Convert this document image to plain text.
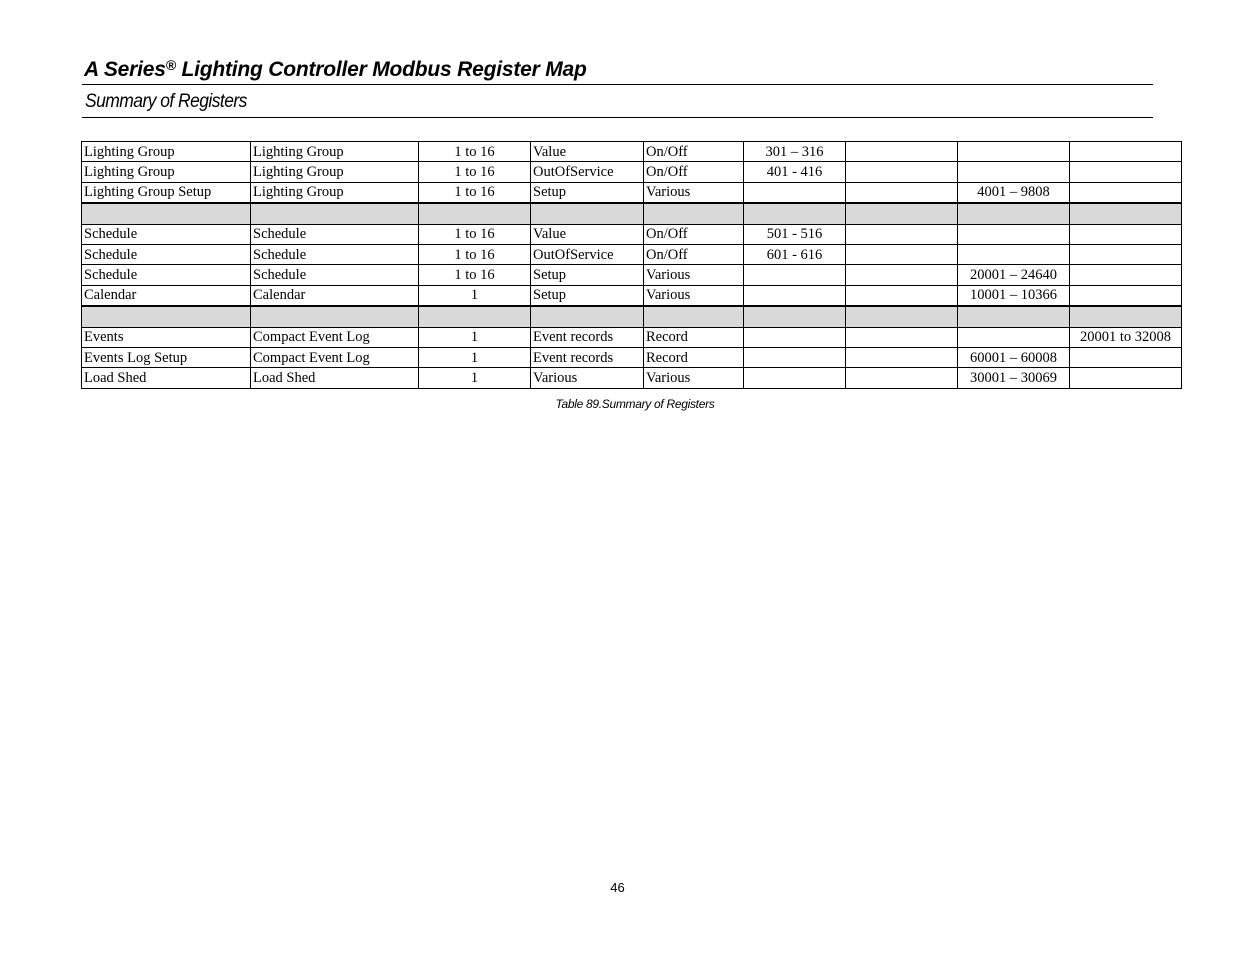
A Series® Lighting Controller Modbus Register Map
Summary of Registers
Lighting Group	Lighting Group	1 to 16	Value	On/Off	301 – 316			
Lighting Group	Lighting Group	1 to 16	OutOfService	On/Off	401 - 416			
Lighting Group Setup	Lighting Group	1 to 16	Setup	Various			4001 – 9808	

Schedule	Schedule	1 to 16	Value	On/Off	501 - 516			
Schedule	Schedule	1 to 16	OutOfService	On/Off	601 - 616			
Schedule	Schedule	1 to 16	Setup	Various			20001 – 24640	
Calendar	Calendar	1	Setup	Various			10001 – 10366	

Events	Compact Event Log	1	Event records	Record				20001 to 32008
Events Log Setup	Compact Event Log	1	Event records	Record			60001 – 60008	
Load Shed	Load Shed	1	Various	Various			30001 – 30069	
Table 89.Summary of Registers
46
